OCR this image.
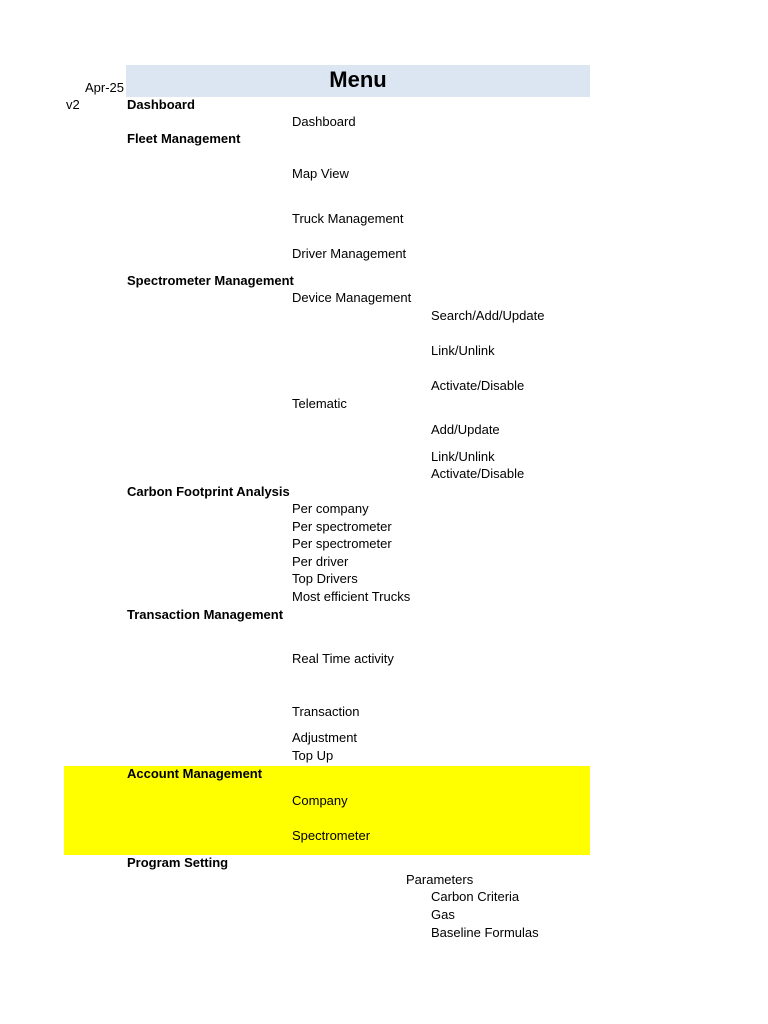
Apr-25
v2
Menu
Dashboard
Dashboard
Fleet Management
Map View
Truck Management
Driver Management
Spectrometer Management
Device Management
Search/Add/Update
Link/Unlink
Activate/Disable
Telematic
Add/Update
Link/Unlink
Activate/Disable
Carbon Footprint Analysis
Per company
Per spectrometer
Per spectrometer
Per driver
Top Drivers
Most efficient Trucks
Transaction Management
Real Time activity
Transaction
Adjustment
Top Up
Account Management
Company
Spectrometer
Program Setting
Parameters
Carbon Criteria
Gas
Baseline Formulas
